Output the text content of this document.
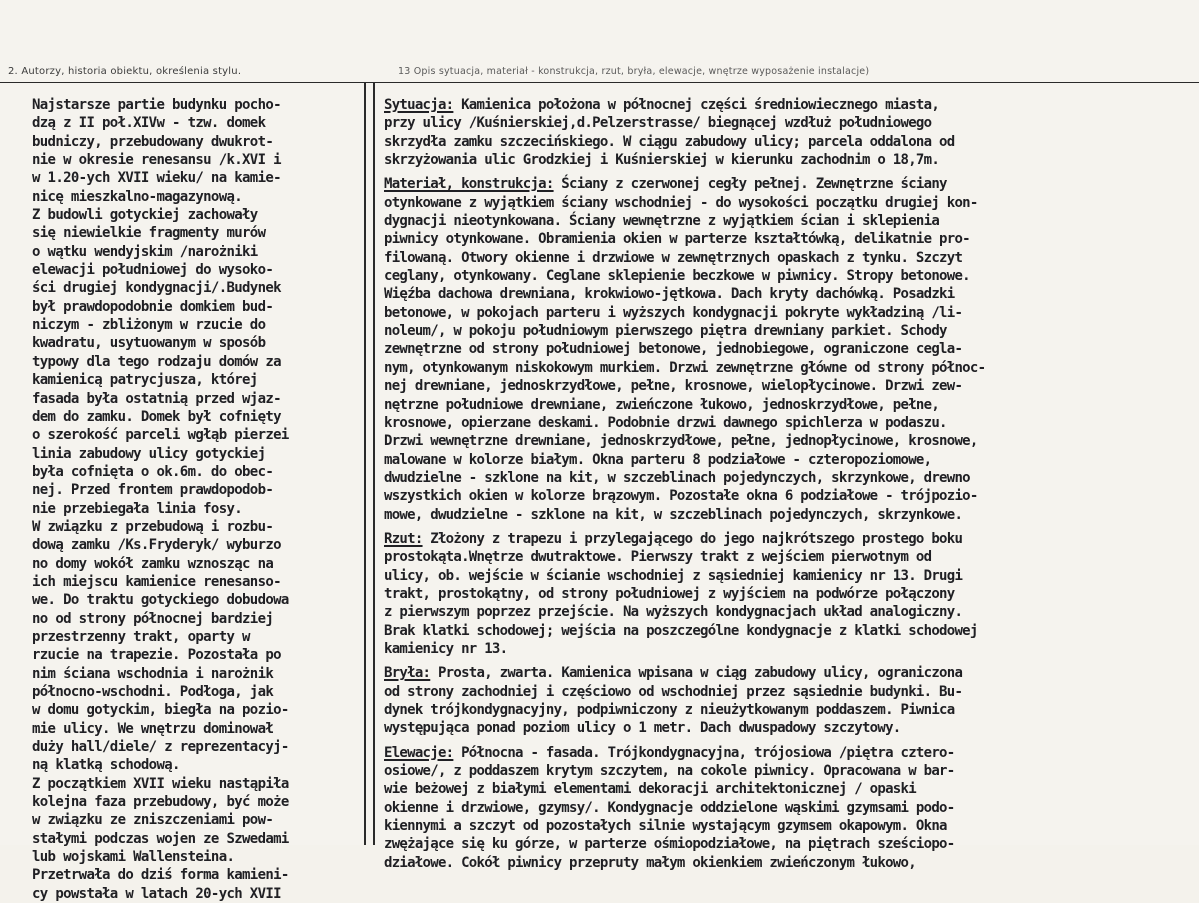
2. Autorzy, historia obiektu, określenia stylu.	13 Opis sytuacja, materiał - konstrukcja, rzut, bryła, elewacje, wnętrze wyposażenie instalacje)
Najstarsze partie budynku pocho-
dzą z II poł.XIVw - tzw. domek
budniczy, przebudowany dwukrot-
nie w okresie renesansu /k.XVI i
w 1.20-ych XVII wieku/ na kamie-
nicę mieszkalno-magazynową.
Z budowli gotyckiej zachowały
się niewielkie fragmenty murów
o wątku wendyjskim /narożniki
elewacji południowej do wysoko-
ści drugiej kondygnacji/.Budynek
był prawdopodobnie domkiem bud-
niczym - zbliżonym w rzucie do
kwadratu, usytuowanym w sposób
typowy dla tego rodzaju domów za
kamienicą patrycjusza, której
fasada była ostatnią przed wjaz-
dem do zamku. Domek był cofnięty
o szerokość parceli wgłąb pierzei
linia zabudowy ulicy gotyckiej
była cofnięta o ok.6m. do obec-
nej. Przed frontem prawdopodob-
nie przebiegała linia fosy.
W związku z przebudową i rozbu-
dową zamku /Ks.Fryderyk/ wyburzo
no domy wokół zamku wznosząc na
ich miejscu kamienice renesanso-
we. Do traktu gotyckiego dobudowa
no od strony północnej bardziej
przestrzenny trakt, oparty w
rzucie na trapezie. Pozostała po
nim ściana wschodnia i narożnik
północno-wschodni. Podłoga, jak
w domu gotyckim, biegła na pozio-
mie ulicy. We wnętrzu dominował
duży hall/diele/ z reprezentacyj-
ną klatką schodową.
Z początkiem XVII wieku nastąpiła
kolejna faza przebudowy, być może
w związku ze zniszczeniami pow-
stałymi podczas wojen ze Szwedami
lub wojskami Wallensteina.
Przetrwała do dziś forma kamieni-
cy powstała w latach 20-ych XVII
Sytuacja: Kamienica położona w północnej części średniowiecznego miasta,
przy ulicy /Kuśnierskiej,d.Pelzerstrasse/ biegnącej wzdłuż południowego
skrzydła zamku szczecińskiego. W ciągu zabudowy ulicy; parcela oddalona od
skrzyżowania ulic Grodzkiej i Kuśnierskiej w kierunku zachodnim o 18,7m.
Materiał, konstrukcja: Ściany z czerwonej cegły pełnej. Zewnętrzne ściany
otynkowane z wyjątkiem ściany wschodniej - do wysokości początku drugiej kon-
dygnacji nieotynkowana. Ściany wewnętrzne z wyjątkiem ścian i sklepienia
piwnicy otynkowane. Obramienia okien w parterze kształtówką, delikatnie pro-
filowaną. Otwory okienne i drzwiowe w zewnętrznych opaskach z tynku. Szczyt
ceglany, otynkowany. Ceglane sklepienie beczkowe w piwnicy. Stropy betonowe.
Więźba dachowa drewniana, krokwiowo-jętkowa. Dach kryty dachówką. Posadzki
betonowe, w pokojach parteru i wyższych kondygnacji pokryte wykładziną /li-
noleum/, w pokoju południowym pierwszego piętra drewniany parkiet. Schody
zewnętrzne od strony południowej betonowe, jednobiegowe, ograniczone cegla-
nym, otynkowanym niskokowym murkiem. Drzwi zewnętrzne główne od strony północ-
nej drewniane, jednoskrzydłowe, pełne, krosnowe, wielopłycinowe. Drzwi zew-
nętrzne południowe drewniane, zwieńczone łukowo, jednoskrzydłowe, pełne,
krosnowe, opierzane deskami. Podobnie drzwi dawnego spichlerza w podaszu.
Drzwi wewnętrzne drewniane, jednoskrzydłowe, pełne, jednopłycinowe, krosnowe,
malowane w kolorze białym. Okna parteru 8 podziałowe - czteropoziomowe,
dwudzielne - szklone na kit, w szczeblinach pojedynczych, skrzynkowe, drewno
wszystkich okien w kolorze brązowym. Pozostałe okna 6 podziałowe - trójpozio-
mowe, dwudzielne - szklone na kit, w szczeblinach pojedynczych, skrzynkowe.
Rzut: Złożony z trapezu i przylegającego do jego najkrótszego prostego boku
prostokąta.Wnętrze dwutraktowe. Pierwszy trakt z wejściem pierwotnym od
ulicy, ob. wejście w ścianie wschodniej z sąsiedniej kamienicy nr 13. Drugi
trakt, prostokątny, od strony południowej z wyjściem na podwórze połączony
z pierwszym poprzez przejście. Na wyższych kondygnacjach układ analogiczny.
Brak klatki schodowej; wejścia na poszczególne kondygnacje z klatki schodowej
kamienicy nr 13.
Bryła: Prosta, zwarta. Kamienica wpisana w ciąg zabudowy ulicy, ograniczona
od strony zachodniej i częściowo od wschodniej przez sąsiednie budynki. Bu-
dynek trójkondygnacyjny, podpiwniczony z nieużytkowanym poddaszem. Piwnica
występująca ponad poziom ulicy o 1 metr. Dach dwuspadowy szczytowy.
Elewacje: Północna - fasada. Trójkondygnacyjna, trójosiowa /piętra cztero-
osiowe/, z poddaszem krytym szczytem, na cokole piwnicy. Opracowana w bar-
wie beżowej z białymi elementami dekoracji architektonicznej / opaski
okienne i drzwiowe, gzymsy/. Kondygnacje oddzielone wąskimi gzymsami podo-
kiennymi a szczyt od pozostałych silnie wystającym gzymsem okapowym. Okna
zwężające się ku górze, w parterze ośmiopodziałowe, na piętrach sześciopo-
działowe. Cokół piwnicy przepruty małym okienkiem zwieńczonym łukowo,
